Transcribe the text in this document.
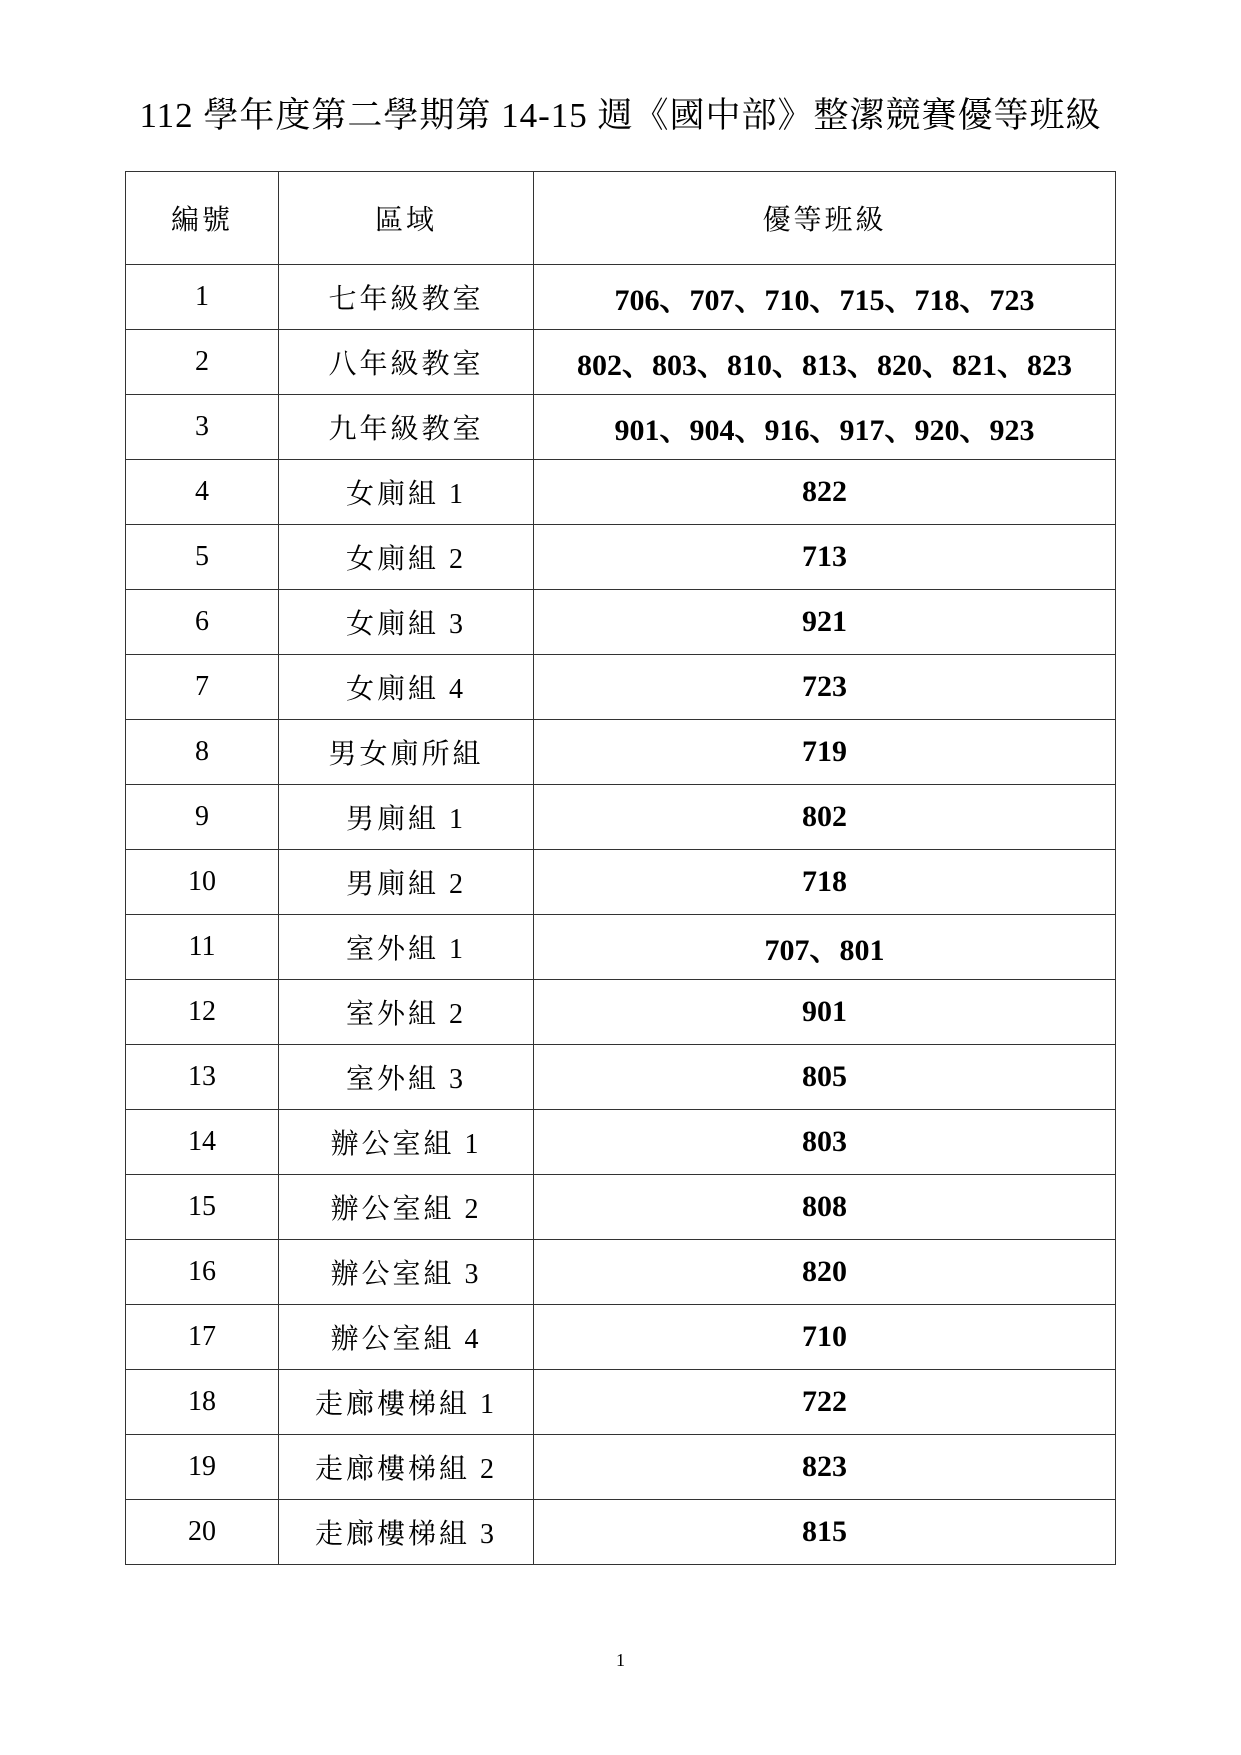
112 學年度第二學期第 14-15 週《國中部》整潔競賽優等班級
編號	區域	優等班級
1	七年級教室	706、707、710、715、718、723
2	八年級教室	802、803、810、813、820、821、823
3	九年級教室	901、904、916、917、920、923
4	女廁組 1	822
5	女廁組 2	713
6	女廁組 3	921
7	女廁組 4	723
8	男女廁所組	719
9	男廁組 1	802
10	男廁組 2	718
11	室外組 1	707、801
12	室外組 2	901
13	室外組 3	805
14	辦公室組 1	803
15	辦公室組 2	808
16	辦公室組 3	820
17	辦公室組 4	710
18	走廊樓梯組 1	722
19	走廊樓梯組 2	823
20	走廊樓梯組 3	815
1
